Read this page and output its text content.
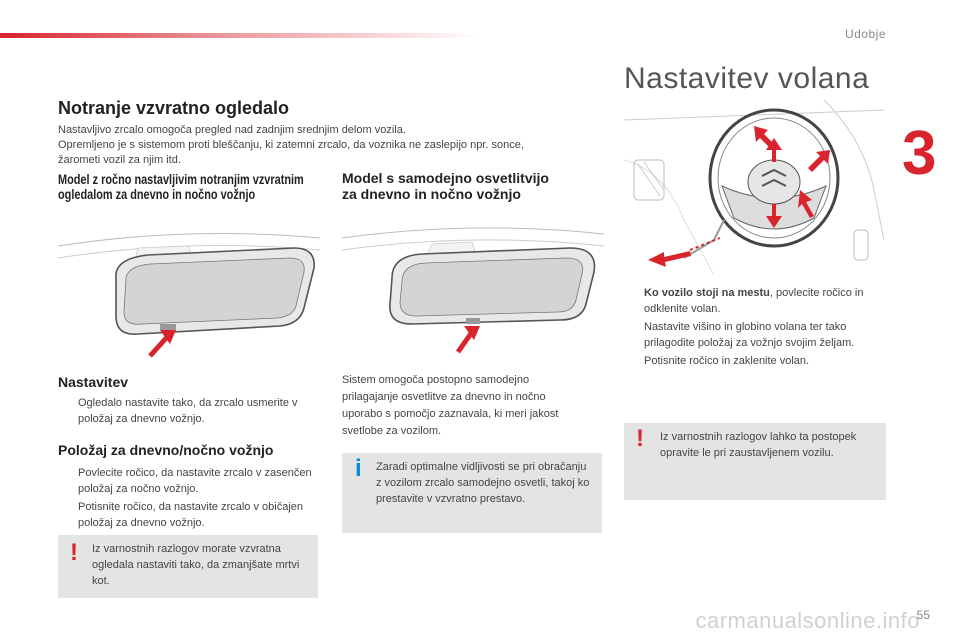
Udobje
3
Notranje vzvratno ogledalo
Nastavljivo zrcalo omogoča pregled nad zadnjim srednjim delom vozila.
Opremljeno je s sistemom proti bleščanju, ki zatemni zrcalo, da voznika ne zaslepijo npr. sonce,
žarometi vozil za njim itd.
Model z ročno nastavljivim notranjim vzvratnim
ogledalom za dnevno in nočno vožnjo
Model s samodejno osvetlitvijo
za dnevno in nočno vožnjo
Nastavitev
Ogledalo nastavite tako, da zrcalo usmerite v položaj za dnevno vožnjo.
Položaj za dnevno/nočno vožnjo
Povlecite ročico, da nastavite zrcalo v zasenčen položaj za nočno vožnjo.
Potisnite ročico, da nastavite zrcalo v običajen položaj za dnevno vožnjo.
! Iz varnostnih razlogov morate vzvratna ogledala nastaviti tako, da zmanjšate mrtvi kot.
Sistem omogoča postopno samodejno
prilagajanje osvetlitve za dnevno in nočno
uporabo s pomočjo zaznavala, ki meri jakost
svetlobe za vozilom.
i Zaradi optimalne vidljivosti se pri obračanju z vozilom zrcalo samodejno osvetli, takoj ko prestavite v vzvratno prestavo.
Nastavitev volana
Ko vozilo stoji na mestu, povlecite ročico in odklenite volan.
Nastavite višino in globino volana ter tako prilagodite položaj za vožnjo svojim željam.
Potisnite ročico in zaklenite volan.
! Iz varnostnih razlogov lahko ta postopek opravite le pri zaustavljenem vozilu.
55
carmanualsonline.info
